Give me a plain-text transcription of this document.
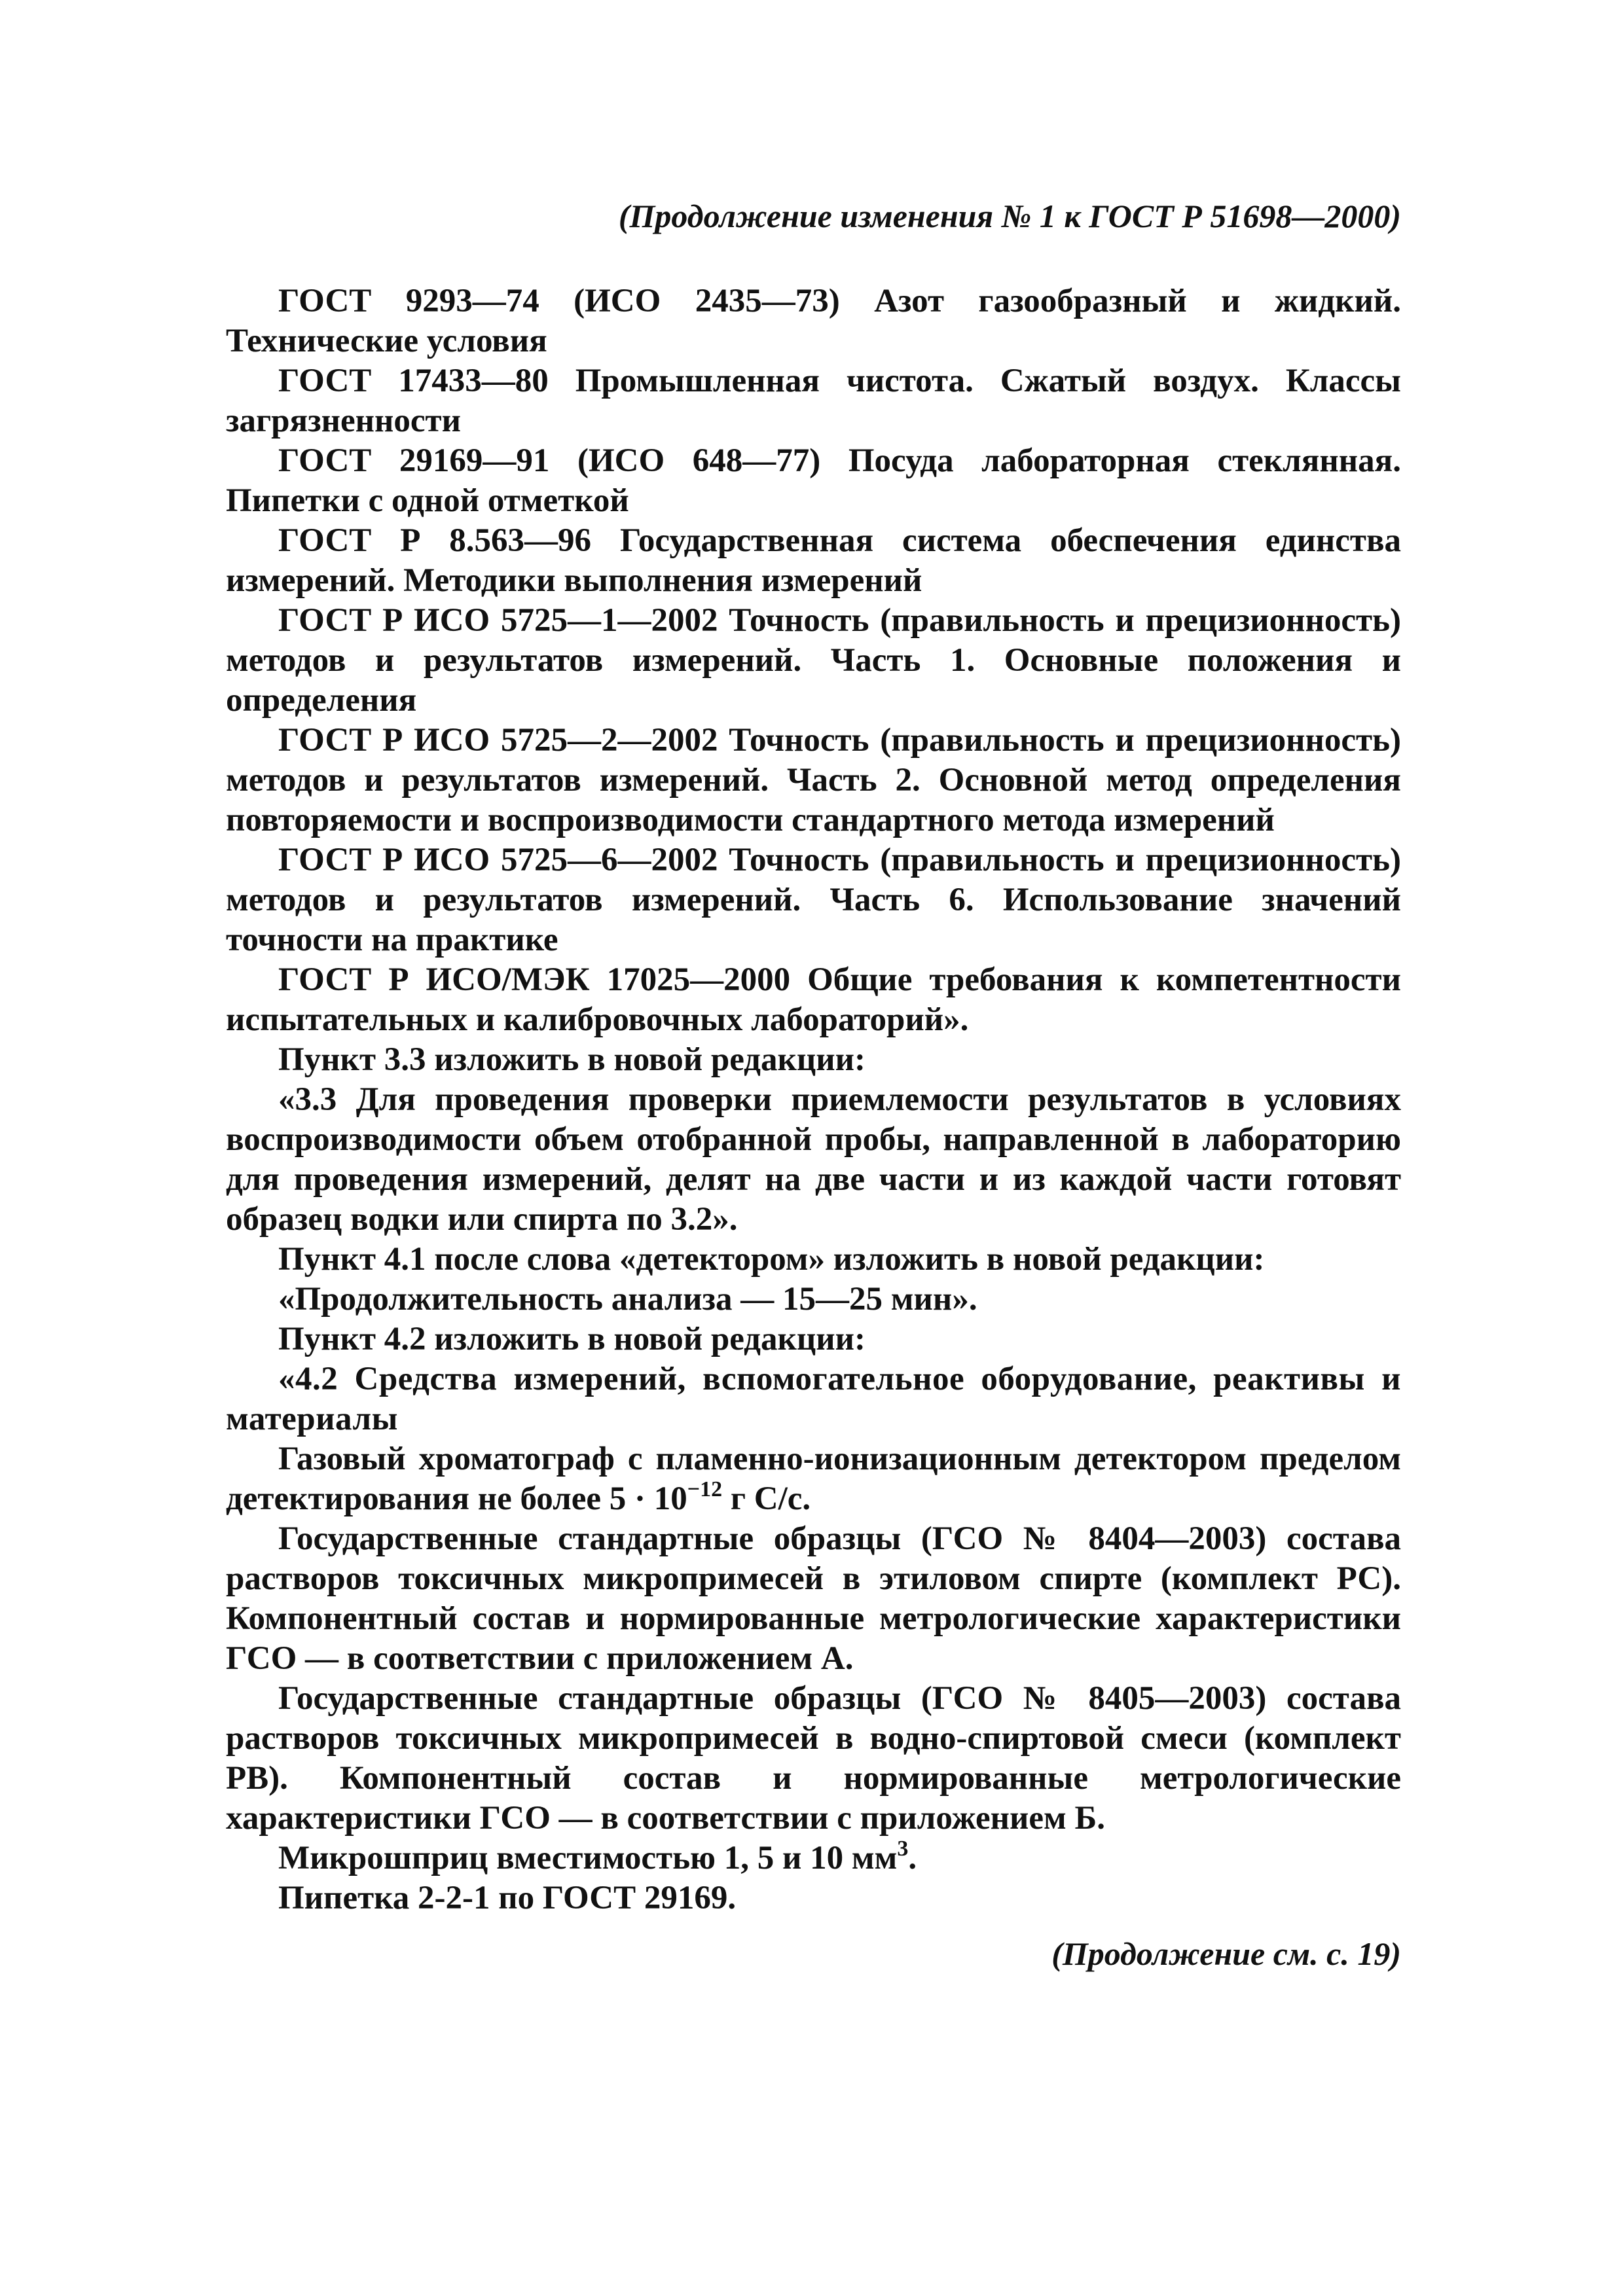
(Продолжение изменения № 1 к ГОСТ Р 51698—2000)

ГОСТ 9293—74 (ИСО 2435—73) Азот газообразный и жидкий. Технические условия

ГОСТ 17433—80 Промышленная чистота. Сжатый воздух. Классы загрязненности

ГОСТ 29169—91 (ИСО 648—77) Посуда лабораторная стеклянная. Пипетки с одной отметкой

ГОСТ Р 8.563—96 Государственная система обеспечения единства измерений. Методики выполнения измерений

ГОСТ Р ИСО 5725—1—2002 Точность (правильность и прецизионность) методов и результатов измерений. Часть 1. Основные положения и определения

ГОСТ Р ИСО 5725—2—2002 Точность (правильность и прецизионность) методов и результатов измерений. Часть 2. Основной метод определения повторяемости и воспроизводимости стандартного метода измерений

ГОСТ Р ИСО 5725—6—2002 Точность (правильность и прецизионность) методов и результатов измерений. Часть 6. Использование значений точности на практике

ГОСТ Р ИСО/МЭК 17025—2000 Общие требования к компетентности испытательных и калибровочных лабораторий».

Пункт 3.3 изложить в новой редакции:

«3.3 Для проведения проверки приемлемости результатов в условиях воспроизводимости объем отобранной пробы, направленной в лабораторию для проведения измерений, делят на две части и из каждой части готовят образец водки или спирта по 3.2».

Пункт 4.1 после слова «детектором» изложить в новой редакции:

«Продолжительность анализа — 15—25 мин».

Пункт 4.2 изложить в новой редакции:

«4.2 Средства измерений, вспомогательное оборудование, реактивы и материалы

Газовый хроматограф с пламенно-ионизационным детектором пределом детектирования не более $5 \cdot 10^{-12}$ г С/с.

Государственные стандартные образцы (ГСО № 8404—2003) состава растворов токсичных микропримесей в этиловом спирте (комплект РС). Компонентный состав и нормированные метрологические характеристики ГСО — в соответствии с приложением А.

Государственные стандартные образцы (ГСО № 8405—2003) состава растворов токсичных микропримесей в водно-спиртовой смеси (комплект РВ). Компонентный состав и нормированные метрологические характеристики ГСО — в соответствии с приложением Б.

Микрошприц вместимостью 1, 5 и 10 $мм^3$.

Пипетка 2-2-1 по ГОСТ 29169.

(Продолжение см. с. 19)
